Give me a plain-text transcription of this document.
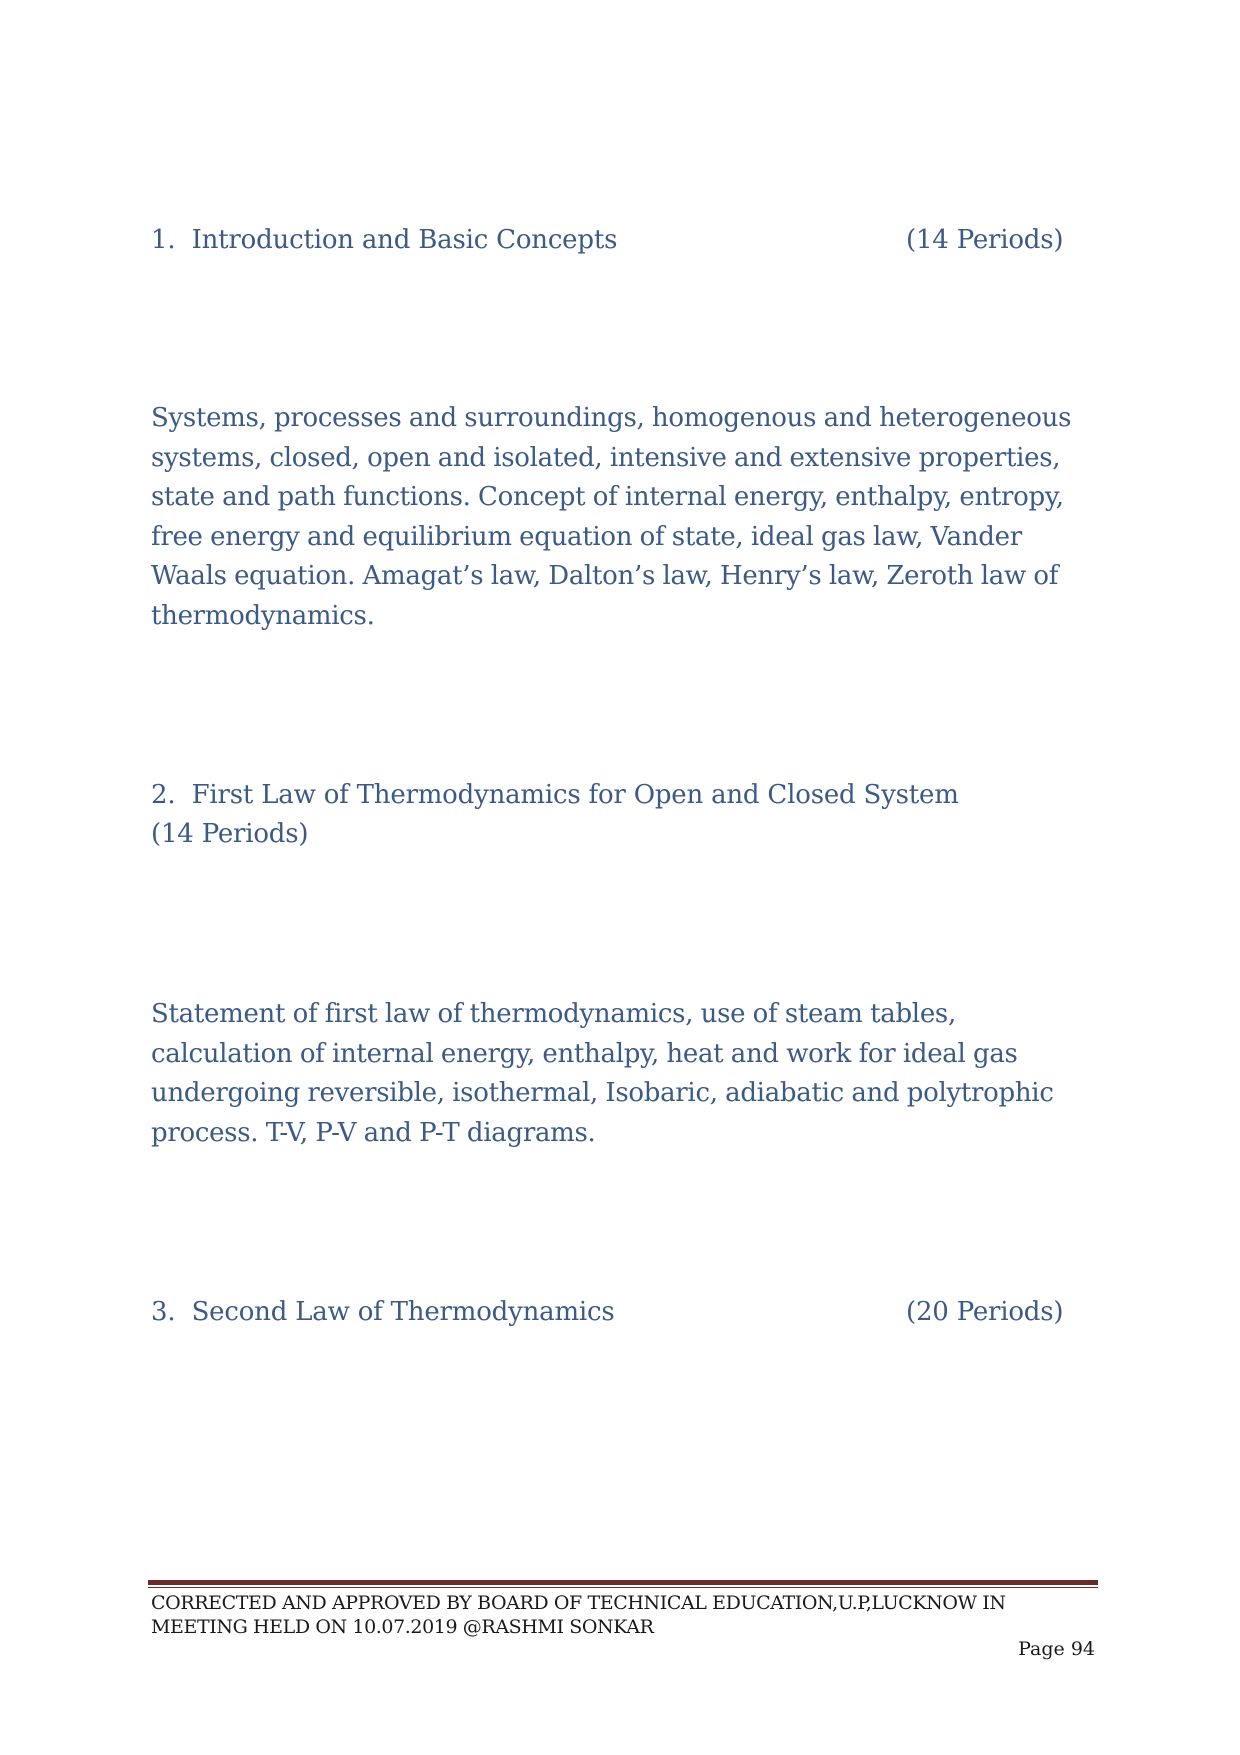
1. Introduction and Basic Concepts	(14 Periods)
Systems, processes and surroundings, homogenous and heterogeneous systems, closed, open and isolated, intensive and extensive properties, state and path functions. Concept of internal energy, enthalpy, entropy, free energy and equilibrium equation of state, ideal gas law, Vander Waals equation. Amagat’s law, Dalton’s law, Henry’s law, Zeroth law of thermodynamics.
2. First Law of Thermodynamics for Open and Closed System       (14 Periods)
Statement of first law of thermodynamics, use of steam tables, calculation of internal energy, enthalpy, heat and work for ideal gas undergoing reversible, isothermal, Isobaric, adiabatic and polytrophic process. T-V, P-V and P-T diagrams.
3. Second Law of Thermodynamics	(20 Periods)
CORRECTED AND APPROVED BY BOARD OF TECHNICAL EDUCATION,U.P,LUCKNOW IN MEETING HELD ON 10.07.2019 @RASHMI SONKAR
Page 94
